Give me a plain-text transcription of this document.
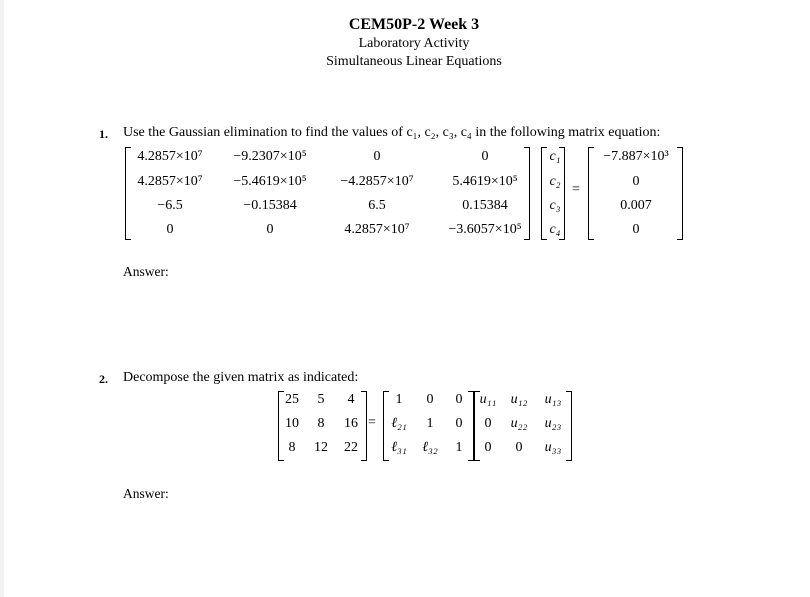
CEM50P-2 Week 3
Laboratory Activity
Simultaneous Linear Equations
1. Use the Gaussian elimination to find the values of c₁, c₂, c₃, c₄ in the following matrix equation:
4.2857×10⁷ −9.2307×10⁵	0	0
4.2857×10⁷ −5.4619×10⁵ −4.2857×10⁷	5.4619×10⁵
−6.5	−0.15384	6.5	0.15384
0	0	4.2857×10⁷	−3.6057×10⁵
c₁
c₂
c₃
c₄
=
−7.887×10³
0
0.007
0
Answer:
2. Decompose the given matrix as indicated:
25 5 4
10 8 16
8 12 22
=
1 0 0
ℓ₂₁ 1 0
ℓ₃₁ ℓ₃₂ 1
u₁₁ u₁₂ u₁₃
0 u₂₂ u₂₃
0 0 u₃₃
Answer:
